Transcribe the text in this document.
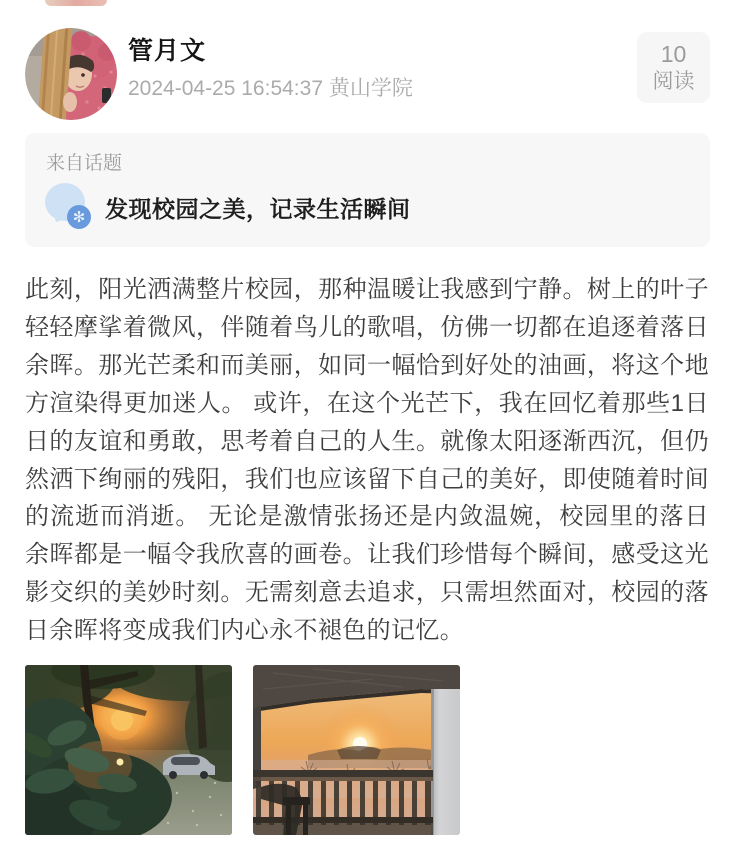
管月文
2024-04-25 16:54:37 黄山学院
10
阅读
来自话题
✻ 发现校园之美，记录生活瞬间
此刻，阳光洒满整片校园，那种温暖让我感到宁静。树上的叶子轻轻摩挲着微风，伴随着鸟儿的歌唱，仿佛一切都在追逐着落日余晖。那光芒柔和而美丽，如同一幅恰到好处的油画，将这个地方渲染得更加迷人。 或许，在这个光芒下，我在回忆着那些1日日的友谊和勇敢，思考着自己的人生。就像太阳逐渐西沉，但仍然洒下绚丽的残阳，我们也应该留下自己的美好，即使随着时间的流逝而消逝。 无论是激情张扬还是内敛温婉，校园里的落日余晖都是一幅令我欣喜的画卷。让我们珍惜每个瞬间，感受这光影交织的美妙时刻。无需刻意去追求，只需坦然面对，校园的落日余晖将变成我们内心永不褪色的记忆。
